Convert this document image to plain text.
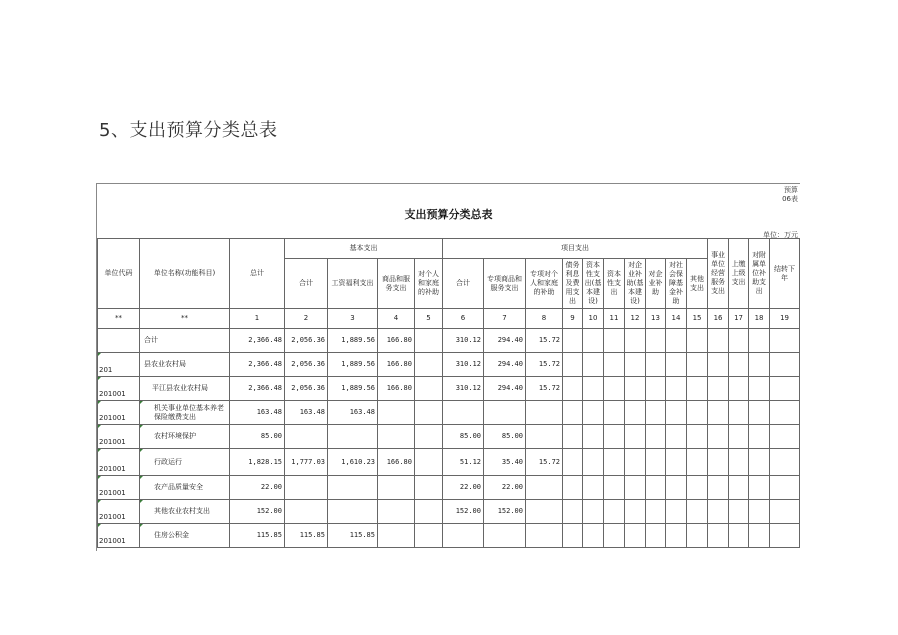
5、支出预算分类总表
预算
06表
支出预算分类总表
单位：万元
单位代码	单位名称(功能科目)	总计	基本支出				项目支出										事业单位经营服务支出	上缴上级支出	对附属单位补助支出	结转下年
			合计	工资福利支出	商品和服务支出	对个人和家庭的补助	合计	专项商品和服务支出	专项对个人和家庭的补助	债务利息及费用支出	资本性支出(基本建设)	资本性支出	对企业补助(基本建设)	对企业补助	对社会保障基金补助	其他支出				
**	**	1	2	3	4	5	6	7	8	9	10	11	12	13	14	15	16	17	18	19
	合计	2,366.48	2,056.36	1,889.56	166.80		310.12	294.40	15.72											
201	县农业农村局	2,366.48	2,056.36	1,889.56	166.80		310.12	294.40	15.72											
201001	平江县农业农村局	2,366.48	2,056.36	1,889.56	166.80		310.12	294.40	15.72											
201001	机关事业单位基本养老保险缴费支出	163.48	163.48	163.48																
201001	农村环境保护	85.00					85.00	85.00												
201001	行政运行	1,828.15	1,777.03	1,610.23	166.80		51.12	35.40	15.72											
201001	农产品质量安全	22.00					22.00	22.00												
201001	其他农业农村支出	152.00					152.00	152.00												
201001	住房公积金	115.85	115.85	115.85																
